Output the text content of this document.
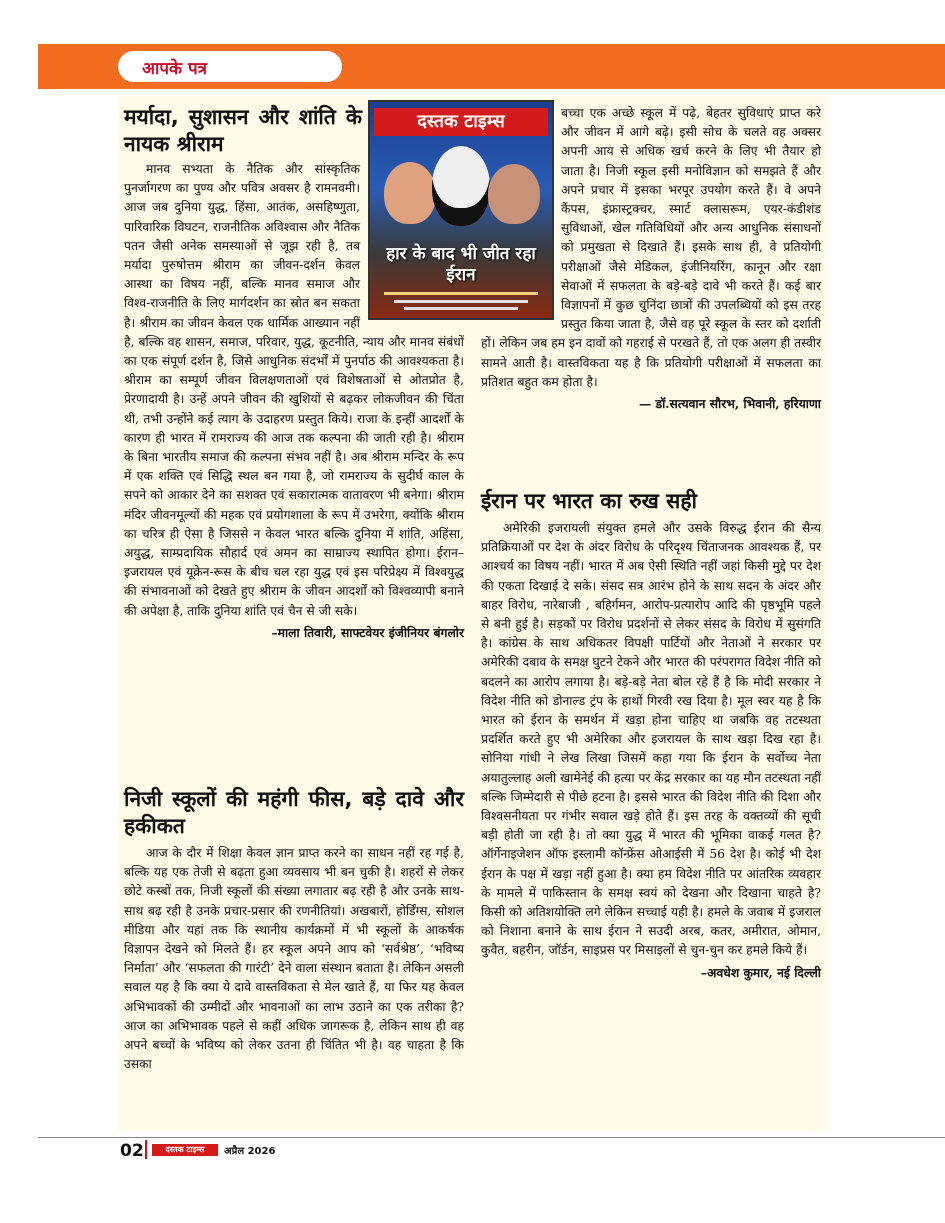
आपके पत्र
दस्तक टाइम्स
हार के बाद भी जीत रहा ईरान
मर्यादा, सुशासन और शांति के नायक श्रीराम

मानव सभ्यता के नैतिक और सांस्कृतिक पुनर्जागरण का पुण्य और पवित्र अवसर है रामनवमी। आज जब दुनिया युद्ध, हिंसा, आतंक, असहिष्णुता, पारिवारिक विघटन, राजनीतिक अविश्वास और नैतिक पतन जैसी अनेक समस्याओं से जूझ रही है, तब मर्यादा पुरुषोत्तम श्रीराम का जीवन-दर्शन केवल आस्था का विषय नहीं, बल्कि मानव समाज और विश्व-राजनीति के लिए मार्गदर्शन का स्रोत बन सकता है। श्रीराम का जीवन केवल एक धार्मिक आख्यान नहीं है, बल्कि वह शासन, समाज, परिवार, युद्ध, कूटनीति, न्याय और मानव संबंधों का एक संपूर्ण दर्शन है, जिसे आधुनिक संदर्भों में पुनर्पाठ की आवश्यकता है। श्रीराम का सम्पूर्ण जीवन विलक्षणताओं एवं विशेषताओं से ओतप्रोत है, प्रेरणादायी है। उन्हें अपने जीवन की खुशियों से बढ़कर लोकजीवन की चिंता थी, तभी उन्होंने कई त्याग के उदाहरण प्रस्तुत किये। राजा के इन्हीं आदर्शों के कारण ही भारत में रामराज्य की आज तक कल्पना की जाती रही है। श्रीराम के बिना भारतीय समाज की कल्पना संभव नहीं है। अब श्रीराम मन्दिर के रूप में एक शक्ति एवं सिद्धि स्थल बन गया है, जो रामराज्य के सुदीर्घ काल के सपने को आकार देने का सशक्त एवं सकारात्मक वातावरण भी बनेगा। श्रीराम मंदिर जीवनमूल्यों की महक एवं प्रयोगशाला के रूप में उभरेगा, क्योंकि श्रीराम का चरित्र ही ऐसा है जिससे न केवल भारत बल्कि दुनिया में शांति, अहिंसा, अयुद्ध, साम्प्रदायिक सौहार्द एवं अमन का साम्राज्य स्थापित होगा। ईरान–इजरायल एवं यूक्रेन-रूस के बीच चल रहा युद्ध एवं इस परिप्रेक्ष्य में विश्वयुद्ध की संभावनाओं को देखते हुए श्रीराम के जीवन आदर्शों को विश्वव्यापी बनाने की अपेक्षा है, ताकि दुनिया शांति एवं चैन से जी सके।

–माला तिवारी, साफ्टवेयर इंजीनियर बंगलोर
निजी स्कूलों की महंगी फीस, बड़े दावे और हकीकत

आज के दौर में शिक्षा केवल ज्ञान प्राप्त करने का साधन नहीं रह गई है, बल्कि यह एक तेजी से बढ़ता हुआ व्यवसाय भी बन चुकी है। शहरों से लेकर छोटे कस्बों तक, निजी स्कूलों की संख्या लगातार बढ़ रही है और उनके साथ-साथ बढ़ रही है उनके प्रचार-प्रसार की रणनीतियां। अखबारों, होर्डिंग्स, सोशल मीडिया और यहां तक कि स्थानीय कार्यक्रमों में भी स्कूलों के आकर्षक विज्ञापन देखने को मिलते हैं। हर स्कूल अपने आप को ‘सर्वश्रेष्ठ’, ‘भविष्य निर्माता’ और ‘सफलता की गारंटी’ देने वाला संस्थान बताता है। लेकिन असली सवाल यह है कि क्या ये दावे वास्तविकता से मेल खाते हैं, या फिर यह केवल अभिभावकों की उम्मीदों और भावनाओं का लाभ उठाने का एक तरीका है? आज का अभिभावक पहले से कहीं अधिक जागरूक है, लेकिन साथ ही वह अपने बच्चों के भविष्य को लेकर उतना ही चिंतित भी है। वह चाहता है कि उसका

बच्चा एक अच्छे स्कूल में पढ़े, बेहतर सुविधाएं प्राप्त करे और जीवन में आगे बढ़े। इसी सोच के चलते वह अक्सर अपनी आय से अधिक खर्च करने के लिए भी तैयार हो जाता है। निजी स्कूल इसी मनोविज्ञान को समझते हैं और अपने प्रचार में इसका भरपूर उपयोग करते हैं। वे अपने कैंपस, इंफ्रास्ट्रक्चर, स्मार्ट क्लासरूम, एयर-कंडीशंड सुविधाओं, खेल गतिविधियों और अन्य आधुनिक संसाधनों को प्रमुखता से दिखाते हैं। इसके साथ ही, वे प्रतियोगी परीक्षाओं जैसे मेडिकल, इंजीनियरिंग, कानून और रक्षा सेवाओं में सफलता के बड़े-बड़े दावे भी करते हैं। कई बार विज्ञापनों में कुछ चुनिंदा छात्रों की उपलब्धियों को इस तरह प्रस्तुत किया जाता है, जैसे वह पूरे स्कूल के स्तर को दर्शाती हों। लेकिन जब हम इन दावों को गहराई से परखते हैं, तो एक अलग ही तस्वीर सामने आती है। वास्तविकता यह है कि प्रतियोगी परीक्षाओं में सफलता का प्रतिशत बहुत कम होता है।

— डॉ.सत्यवान सौरभ, भिवानी, हरियाणा
ईरान पर भारत का रुख सही

अमेरिकी इजरायली संयुक्त हमले और उसके विरुद्ध ईरान की सैन्य प्रतिक्रियाओं पर देश के अंदर विरोध के परिदृश्य चिंताजनक आवश्यक हैं, पर आश्चर्य का विषय नहीं। भारत में अब ऐसी स्थिति नहीं जहां किसी मुद्दे पर देश की एकता दिखाई दे सके। संसद सत्र आरंभ होने के साथ सदन के अंदर और बाहर विरोध, नारेबाजी , बहिर्गमन, आरोप-प्रत्यारोप आदि की पृष्ठभूमि पहले से बनी हुई है। सड़कों पर विरोध प्रदर्शनों से लेकर संसद के विरोध में सुसंगति है। कांग्रेस के साथ अधिकतर विपक्षी पार्टियों और नेताओं ने सरकार पर अमेरिकी दबाव के समक्ष घुटने टेकने और भारत की परंपरागत विदेश नीति को बदलने का आरोप लगाया है। बड़े-बड़े नेता बोल रहे हैं है कि मोदी सरकार ने विदेश नीति को डोनाल्ड ट्रंप के हाथों गिरवी रख दिया है। मूल स्वर यह है कि भारत को ईरान के समर्थन में खड़ा होना चाहिए था जबकि वह तटस्थता प्रदर्शित करते हुए भी अमेरिका और इजरायल के साथ खड़ा दिख रहा है। सोनिया गांधी ने लेख लिखा जिसमें कहा गया कि ईरान के सर्वोच्च नेता अयातुल्लाह अली खामेनेई की हत्या पर केंद्र सरकार का यह मौन तटस्थता नहीं बल्कि जिम्मेदारी से पीछे हटना है। इससे भारत की विदेश नीति की दिशा और विश्वसनीयता पर गंभीर सवाल खड़े होते हैं। इस तरह के वक्तव्यों की सूची बड़ी होती जा रही है। तो क्या युद्ध में भारत की भूमिका वाकई गलत है? ऑर्गेनाइजेशन ऑफ इस्लामी कॉन्फ्रेंस ओआईसी में 56 देश है। कोई भी देश ईरान के पक्ष में खड़ा नहीं हुआ है। क्या हम विदेश नीति पर आंतरिक व्यवहार के मामले में पाकिस्तान के समक्ष स्वयं को देखना और दिखाना चाहते है? किसी को अतिशयोक्ति लगे लेकिन सच्चाई यही है। हमले के जवाब में इजराल को निशाना बनाने के साथ ईरान ने सउदी अरब, कतर, अमीरात, ओमान, कुवैत, बहरीन, जॉर्डन, साइप्रस पर मिसाइलों से चुन-चुन कर हमले किये हैं।

–अवधेश कुमार, नई दिल्ली
02	दस्तक टाइम्स	अप्रैल 2026
